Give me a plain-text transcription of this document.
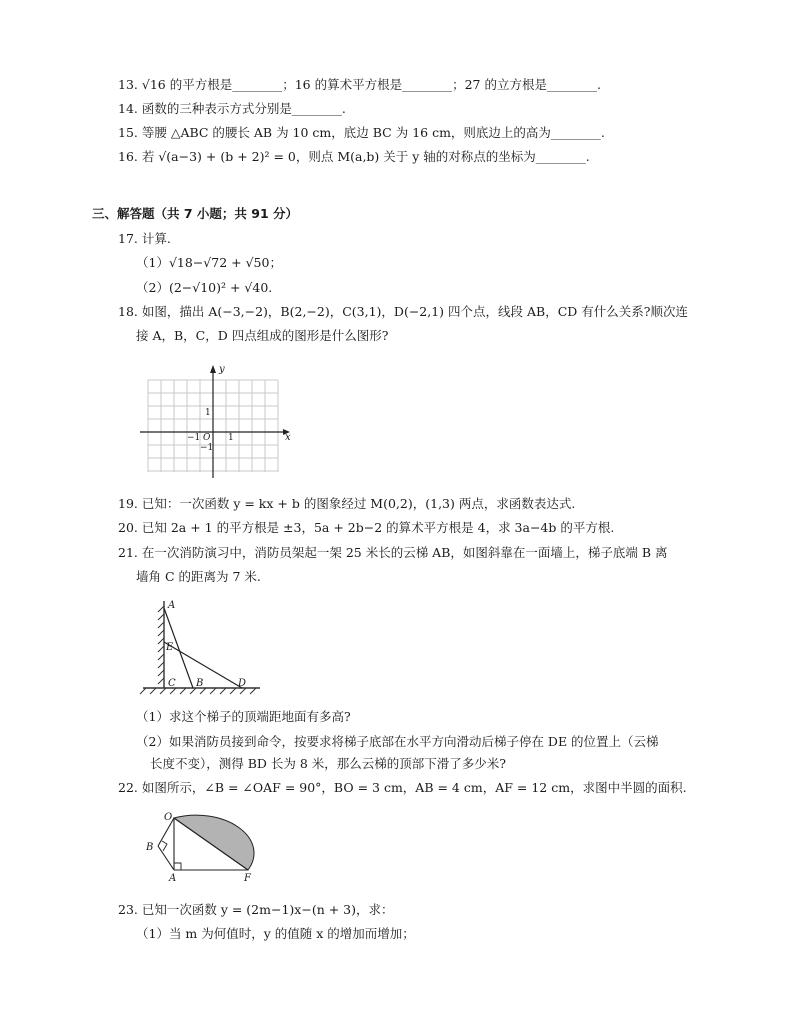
13. √16 的平方根是________；16 的算术平方根是________；27 的立方根是________.
14. 函数的三种表示方式分别是________.
15. 等腰 △ABC 的腰长 AB 为 10 cm，底边 BC 为 16 cm，则底边上的高为________.
16. 若 √(a−3) + (b + 2)² = 0，则点 M(a,b) 关于 y 轴的对称点的坐标为________.
三、解答题（共 7 小题；共 91 分）
17. 计算.
（1）√18−√72 + √50；
（2）(2−√10)² + √40.
18. 如图，描出 A(−3,−2)，B(2,−2)，C(3,1)，D(−2,1) 四个点，线段 AB，CD 有什么关系?顺次连
接 A，B，C，D 四点组成的图形是什么图形?
y
x
O 1
−1
1
−1
19. 已知：一次函数 y = kx + b 的图象经过 M(0,2)，(1,3) 两点，求函数表达式.
20. 已知 2a + 1 的平方根是 ±3，5a + 2b−2 的算术平方根是 4，求 3a−4b 的平方根.
21. 在一次消防演习中，消防员架起一架 25 米长的云梯 AB，如图斜靠在一面墙上，梯子底端 B 离
墙角 C 的距离为 7 米.
A
E
C B	D
（1）求这个梯子的顶端距地面有多高?
（2）如果消防员接到命令，按要求将梯子底部在水平方向滑动后梯子停在 DE 的位置上（云梯
长度不变），测得 BD 长为 8 米，那么云梯的顶部下滑了多少米?
22. 如图所示，∠B = ∠OAF = 90°，BO = 3 cm，AB = 4 cm，AF = 12 cm，求图中半圆的面积.
O
B
A	F
23. 已知一次函数 y = (2m−1)x−(n + 3)，求：
（1）当 m 为何值时，y 的值随 x 的增加而增加；
